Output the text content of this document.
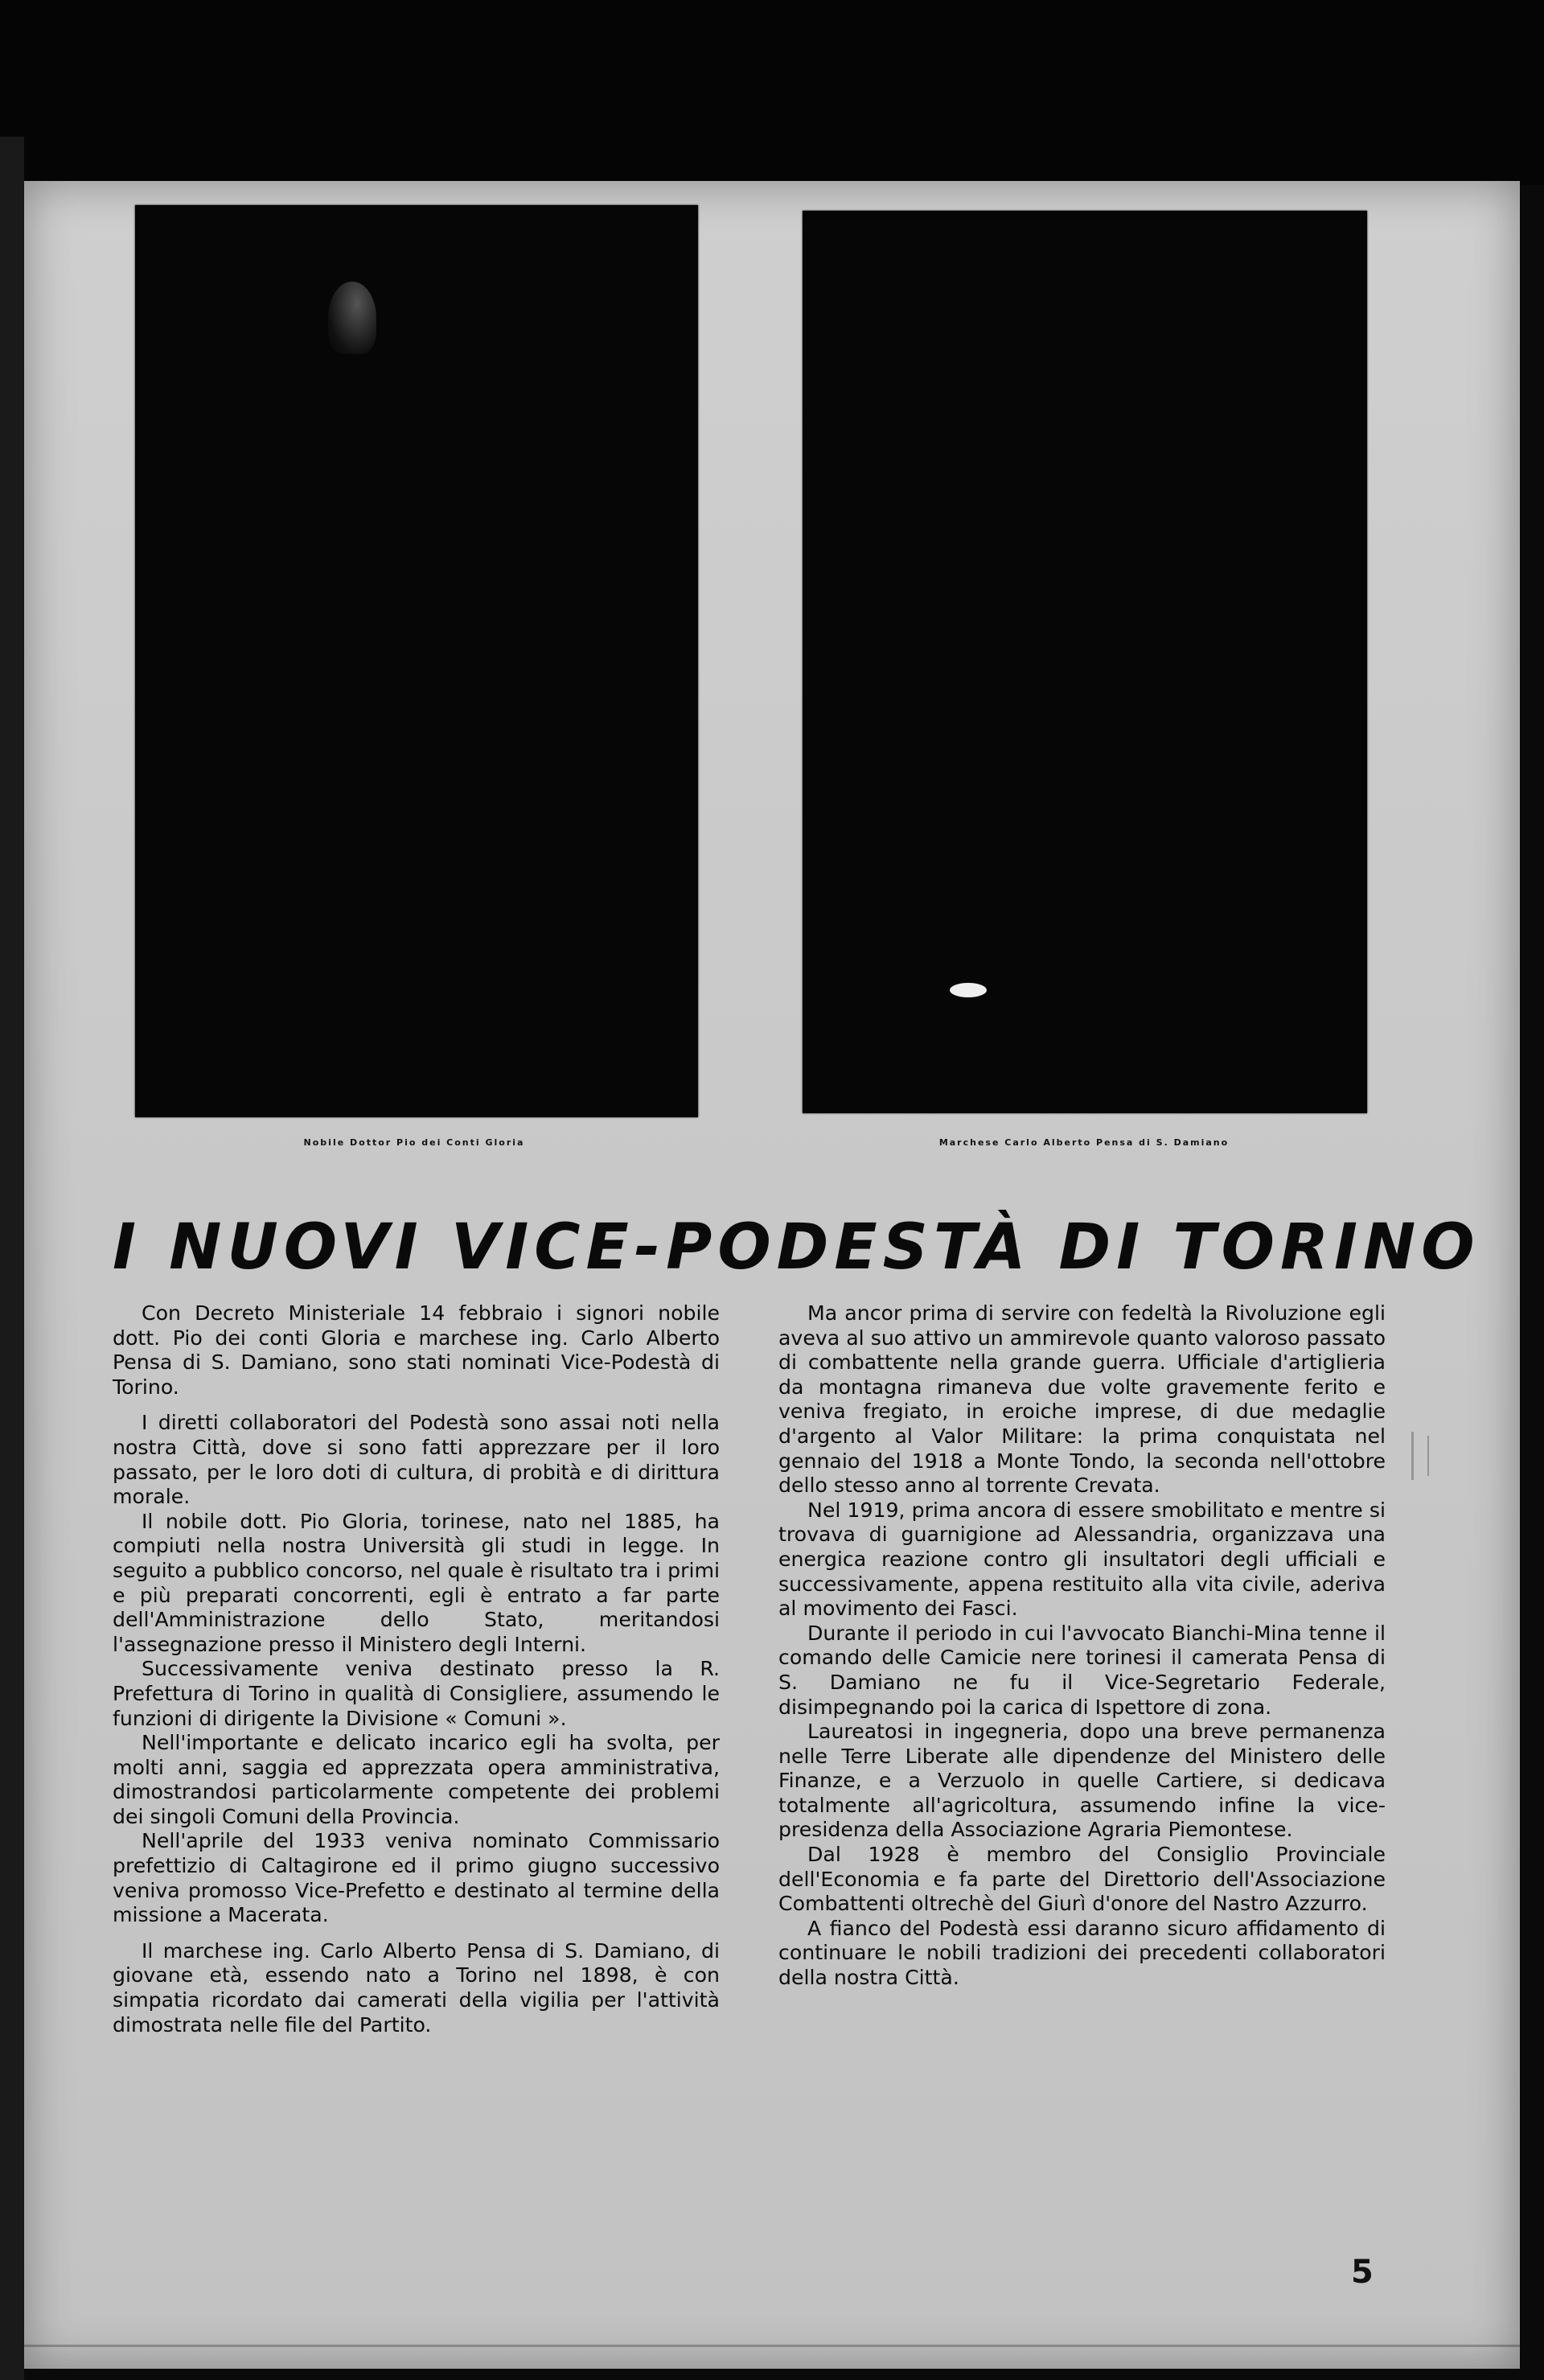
Nobile Dottor Pio dei Conti Gloria	Marchese Carlo Alberto Pensa di S. Damiano
I NUOVI VICE-PODESTÀ DI TORINO

Con Decreto Ministeriale 14 febbraio i signori nobile dott. Pio dei conti Gloria e marchese ing. Carlo Alberto Pensa di S. Damiano, sono stati nominati Vice-Podestà di Torino.

I diretti collaboratori del Podestà sono assai noti nella nostra Città, dove si sono fatti apprezzare per il loro passato, per le loro doti di cultura, di probità e di dirittura morale.

Il nobile dott. Pio Gloria, torinese, nato nel 1885, ha compiuti nella nostra Università gli studi in legge. In seguito a pubblico concorso, nel quale è risultato tra i primi e più preparati concorrenti, egli è entrato a far parte dell'Amministrazione dello Stato, meritandosi l'assegnazione presso il Ministero degli Interni.

Successivamente veniva destinato presso la R. Prefettura di Torino in qualità di Consigliere, assumendo le funzioni di dirigente la Divisione « Comuni ».

Nell'importante e delicato incarico egli ha svolta, per molti anni, saggia ed apprezzata opera amministrativa, dimostrandosi particolarmente competente dei problemi dei singoli Comuni della Provincia.

Nell'aprile del 1933 veniva nominato Commissario prefettizio di Caltagirone ed il primo giugno successivo veniva promosso Vice-Prefetto e destinato al termine della missione a Macerata.

Il marchese ing. Carlo Alberto Pensa di S. Damiano, di giovane età, essendo nato a Torino nel 1898, è con simpatia ricordato dai camerati della vigilia per l'attività dimostrata nelle file del Partito.

Ma ancor prima di servire con fedeltà la Rivoluzione egli aveva al suo attivo un ammirevole quanto valoroso passato di combattente nella grande guerra. Ufficiale d'artiglieria da montagna rimaneva due volte gravemente ferito e veniva fregiato, in eroiche imprese, di due medaglie d'argento al Valor Militare: la prima conquistata nel gennaio del 1918 a Monte Tondo, la seconda nell'ottobre dello stesso anno al torrente Crevata.

Nel 1919, prima ancora di essere smobilitato e mentre si trovava di guarnigione ad Alessandria, organizzava una energica reazione contro gli insultatori degli ufficiali e successivamente, appena restituito alla vita civile, aderiva al movimento dei Fasci.

Durante il periodo in cui l'avvocato Bianchi-Mina tenne il comando delle Camicie nere torinesi il camerata Pensa di S. Damiano ne fu il Vice-Segretario Federale, disimpegnando poi la carica di Ispettore di zona.

Laureatosi in ingegneria, dopo una breve permanenza nelle Terre Liberate alle dipendenze del Ministero delle Finanze, e a Verzuolo in quelle Cartiere, si dedicava totalmente all'agricoltura, assumendo infine la vice-presidenza della Associazione Agraria Piemontese.

Dal 1928 è membro del Consiglio Provinciale dell'Economia e fa parte del Direttorio dell'Associazione Combattenti oltrechè del Giurì d'onore del Nastro Azzurro.

A fianco del Podestà essi daranno sicuro affidamento di continuare le nobili tradizioni dei precedenti collaboratori della nostra Città.

5
